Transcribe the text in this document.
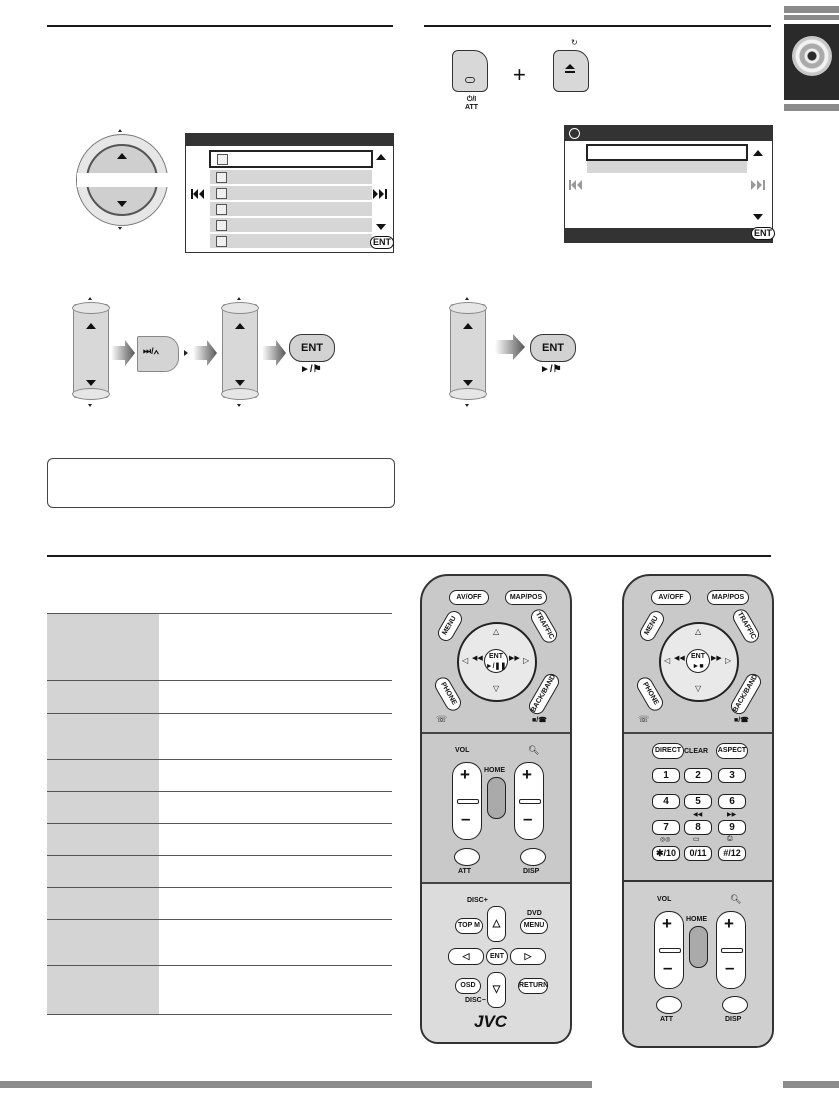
ENT
⏻/I
ATT
+
↻
ENT
⏭/∧	ENT
►/⚑
ENT
►/⚑
AV/OFF	MAP/POS
MENU	TRAFFIC
ENT
►/❚❚
△
▽
◁	▷
◀◀	▶▶
PHONE	BACK/BAND
☏	■/☎
VOL	🔍︎
+
–
HOME +
–
ATT	DISP
DISC+
DVD
TOP M	△	MENU
◁	ENT	▷
OSD	▽	RETURN
DISC−
JVC
AV/OFF	MAP/POS
MENU	TRAFFIC
ENT
►■
△
▽
◁	▷
◀◀	▶▶
PHONE	BACK/BAND
☏	■/☎
DIRECT CLEAR ASPECT
1	2	3
4	5	6
◀◀	▶▶
7	8	9
◎◎	▭	⎙
✱/10	0/11	#/12
VOL	🔍︎
+
–
HOME +
–
ATT	DISP
